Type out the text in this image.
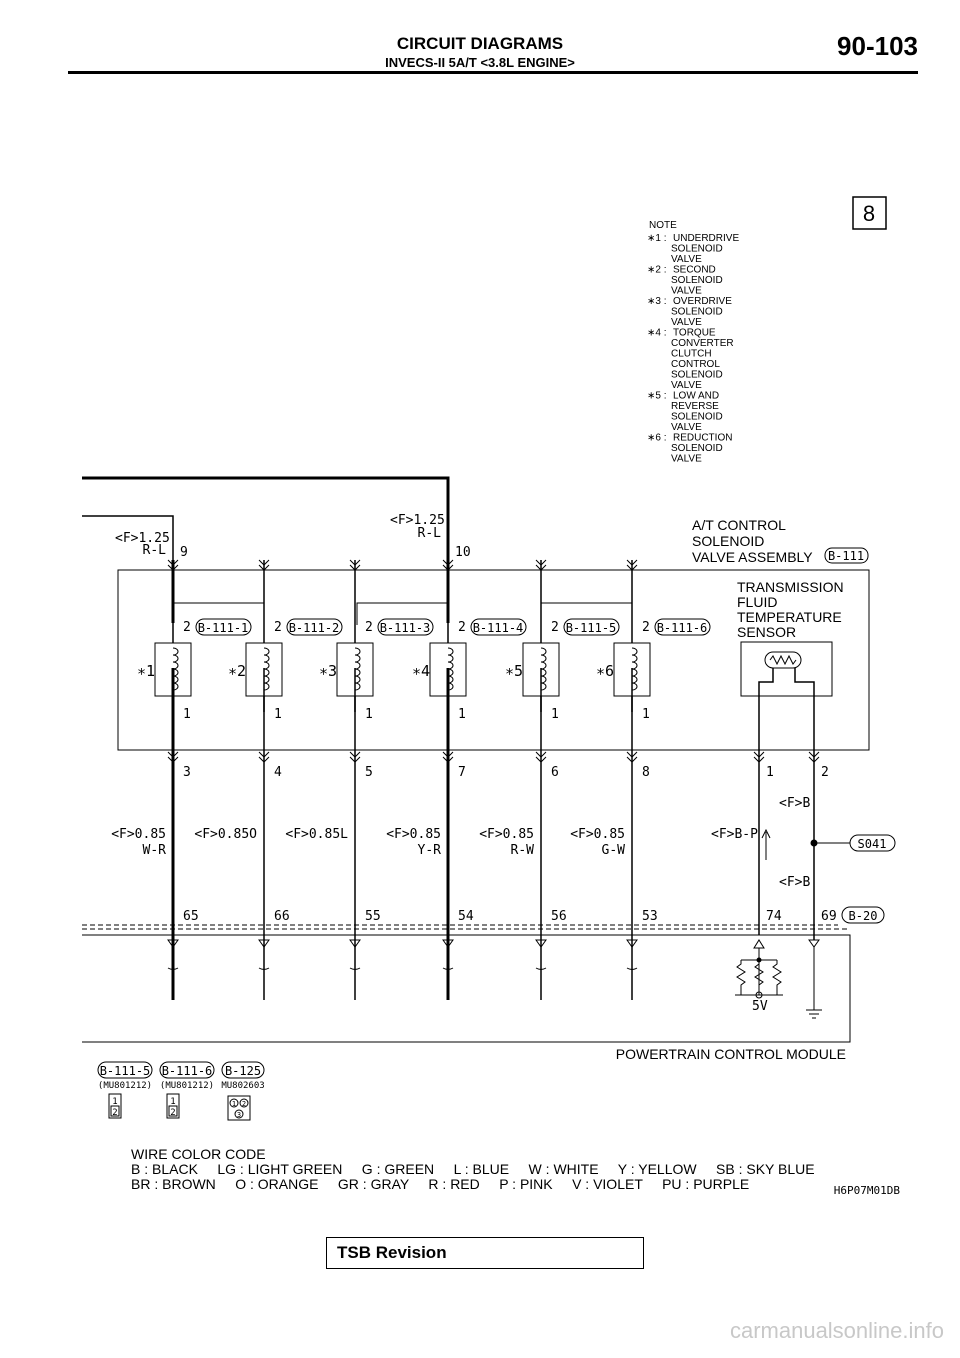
CIRCUIT DIAGRAMS
INVECS-II 5A/T <3.8L ENGINE>
90-103
8
NOTE
∗1 : UNDERDRIVE
SOLENOID
VALVE
∗2 : SECOND
SOLENOID
VALVE
∗3 : OVERDRIVE
SOLENOID
VALVE
∗4 : TORQUE
CONVERTER
CLUTCH
CONTROL
SOLENOID
VALVE
∗5 : LOW AND
REVERSE
SOLENOID
VALVE
∗6 : REDUCTION
SOLENOID
VALVE
<F>1.25
R-L 9
<F>1.25
R-L
10
A/T CONTROL
SOLENOID
VALVE ASSEMBLY B-111
TRANSMISSION
FLUID
TEMPERATURE
SENSOR
2 B-111-1
∗1
1
3
<F>0.85
W-R
65
2 B-111-2
∗2
1
4
<F>0.85O
66
2 B-111-3
∗3
1
5
<F>0.85L
55
2 B-111-4
∗4
1
7
<F>0.85
Y-R
54
2 B-111-5
∗5
1
6
<F>0.85
R-W
56
2 B-111-6
∗6
1
8
<F>0.85
G-W
53
S041
1	2
<F>B
<F>B-P
<F>B
74	69 B-20
POWERTRAIN CONTROL MODULE
5V
B-111-5
(MU801212)
1
2
B-111-6
(MU801212)
1
2
B-125
MU802603
1 2
3
WIRE COLOR CODE
B : BLACK     LG : LIGHT GREEN     G : GREEN     L : BLUE     W : WHITE     Y : YELLOW     SB : SKY BLUE
BR : BROWN     O : ORANGE     GR : GRAY     R : RED     P : PINK     V : VIOLET     PU : PURPLE	H6P07M01DB
TSB Revision
carmanualsonline.info
